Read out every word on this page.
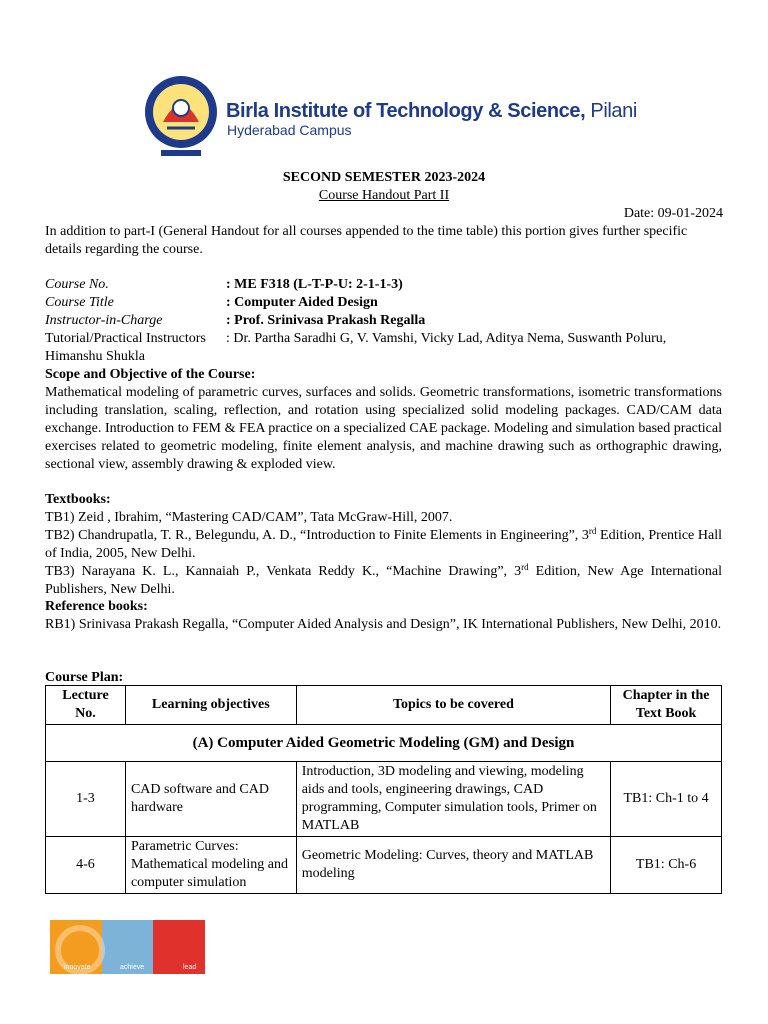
Birla Institute of Technology & Science, Pilani
Hyderabad Campus
SECOND SEMESTER 2023-2024
Course Handout Part II
Date: 09-01-2024
In addition to part-I (General Handout for all courses appended to the time table) this portion gives further specific details regarding the course.
Course No.	: ME F318 (L-T-P-U: 2-1-1-3)
Course Title	: Computer Aided Design
Instructor-in-Charge	: Prof. Srinivasa Prakash Regalla
Tutorial/Practical Instructors : Dr. Partha Saradhi G, V. Vamshi, Vicky Lad, Aditya Nema, Suswanth Poluru,
Himanshu Shukla
Scope and Objective of the Course:
Mathematical modeling of parametric curves, surfaces and solids. Geometric transformations, isometric transformations including translation, scaling, reflection, and rotation using specialized solid modeling packages. CAD/CAM data exchange. Introduction to FEM & FEA practice on a specialized CAE package. Modeling and simulation based practical exercises related to geometric modeling, finite element analysis, and machine drawing such as orthographic drawing, sectional view, assembly drawing & exploded view.
Textbooks:
TB1) Zeid , Ibrahim, “Mastering CAD/CAM”, Tata McGraw-Hill, 2007.
TB2) Chandrupatla, T. R., Belegundu, A. D., “Introduction to Finite Elements in Engineering”, 3rd Edition, Prentice Hall of India, 2005, New Delhi.
TB3) Narayana K. L., Kannaiah P., Venkata Reddy K., “Machine Drawing”, 3rd Edition, New Age International Publishers, New Delhi.
Reference books:
RB1) Srinivasa Prakash Regalla, “Computer Aided Analysis and Design”, IK International Publishers, New Delhi, 2010.
Course Plan:
Lecture No.	Learning objectives	Topics to be covered	Chapter in the Text Book
(A) Computer Aided Geometric Modeling (GM) and Design			
1-3	CAD software and CAD hardware	Introduction, 3D modeling and viewing, modeling aids and tools, engineering drawings, CAD programming, Computer simulation tools, Primer on MATLAB	TB1: Ch-1 to 4
4-6	Parametric Curves: Mathematical modeling and computer simulation	Geometric Modeling: Curves, theory and MATLAB modeling	TB1: Ch-6
innovate	achieve	lead
